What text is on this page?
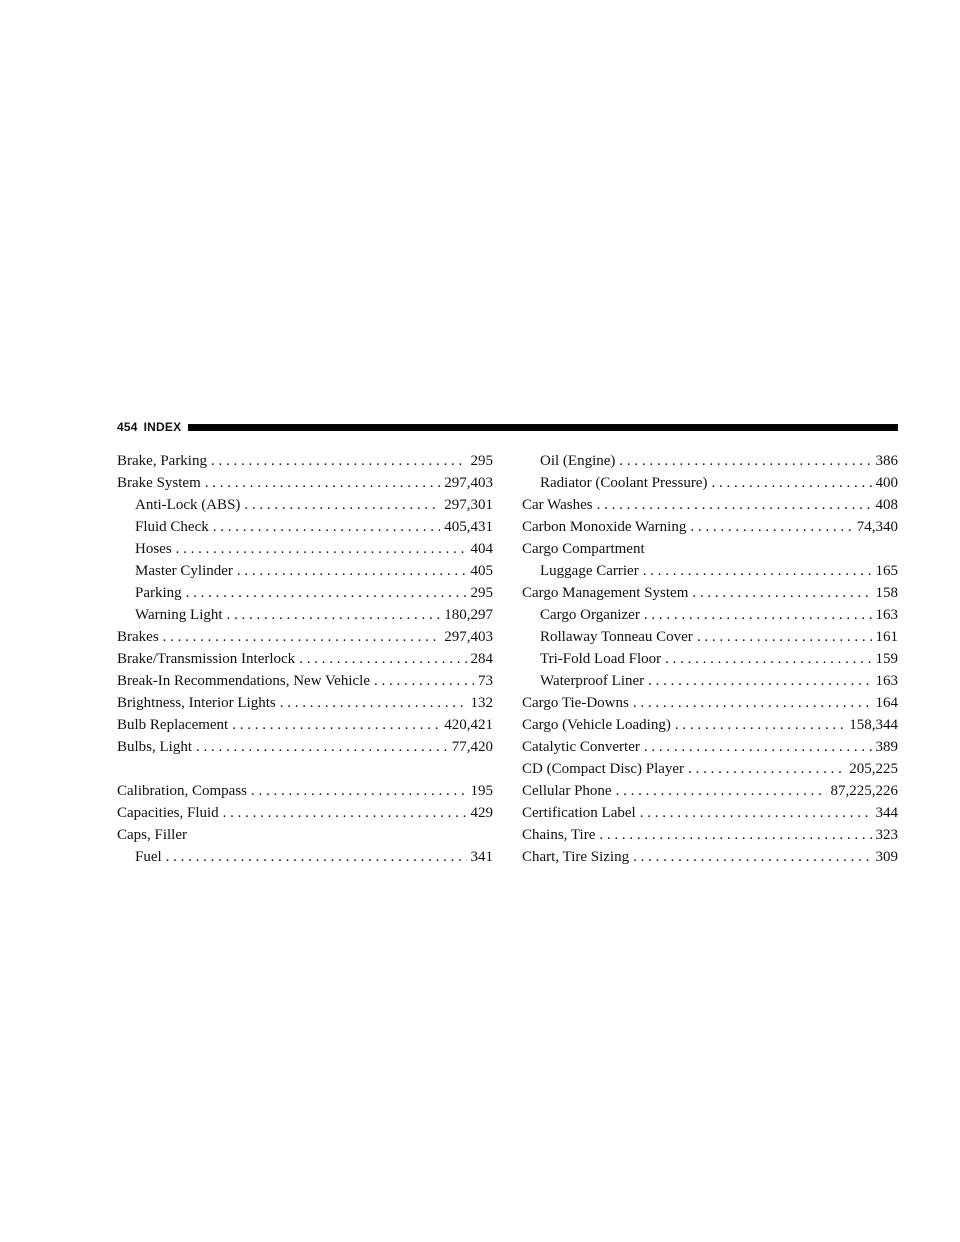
454 INDEX
Brake, Parking . . .	295
Brake System . . .	297,403
Anti-Lock (ABS) . . .	297,301
Fluid Check . . .	405,431
Hoses . . .	404
Master Cylinder . . .	405
Parking . . .	295
Warning Light . . .	180,297
Brakes . . .	297,403
Brake/Transmission Interlock . . .	284
Break-In Recommendations, New Vehicle . . .	73
Brightness, Interior Lights . . .	132
Bulb Replacement . . .	420,421
Bulbs, Light . . .	77,420
Calibration, Compass . . .	195
Capacities, Fluid . . .	429
Caps, Filler
Fuel . . .	341
Oil (Engine) . . .	386
Radiator (Coolant Pressure) . . .	400
Car Washes . . .	408
Carbon Monoxide Warning . . .	74,340
Cargo Compartment
Luggage Carrier . . .	165
Cargo Management System . . .	158
Cargo Organizer . . .	163
Rollaway Tonneau Cover . . .	161
Tri-Fold Load Floor . . .	159
Waterproof Liner . . .	163
Cargo Tie-Downs . . .	164
Cargo (Vehicle Loading) . . .	158,344
Catalytic Converter . . .	389
CD (Compact Disc) Player . . .	205,225
Cellular Phone . . .	87,225,226
Certification Label . . .	344
Chains, Tire . . .	323
Chart, Tire Sizing . . .	309
